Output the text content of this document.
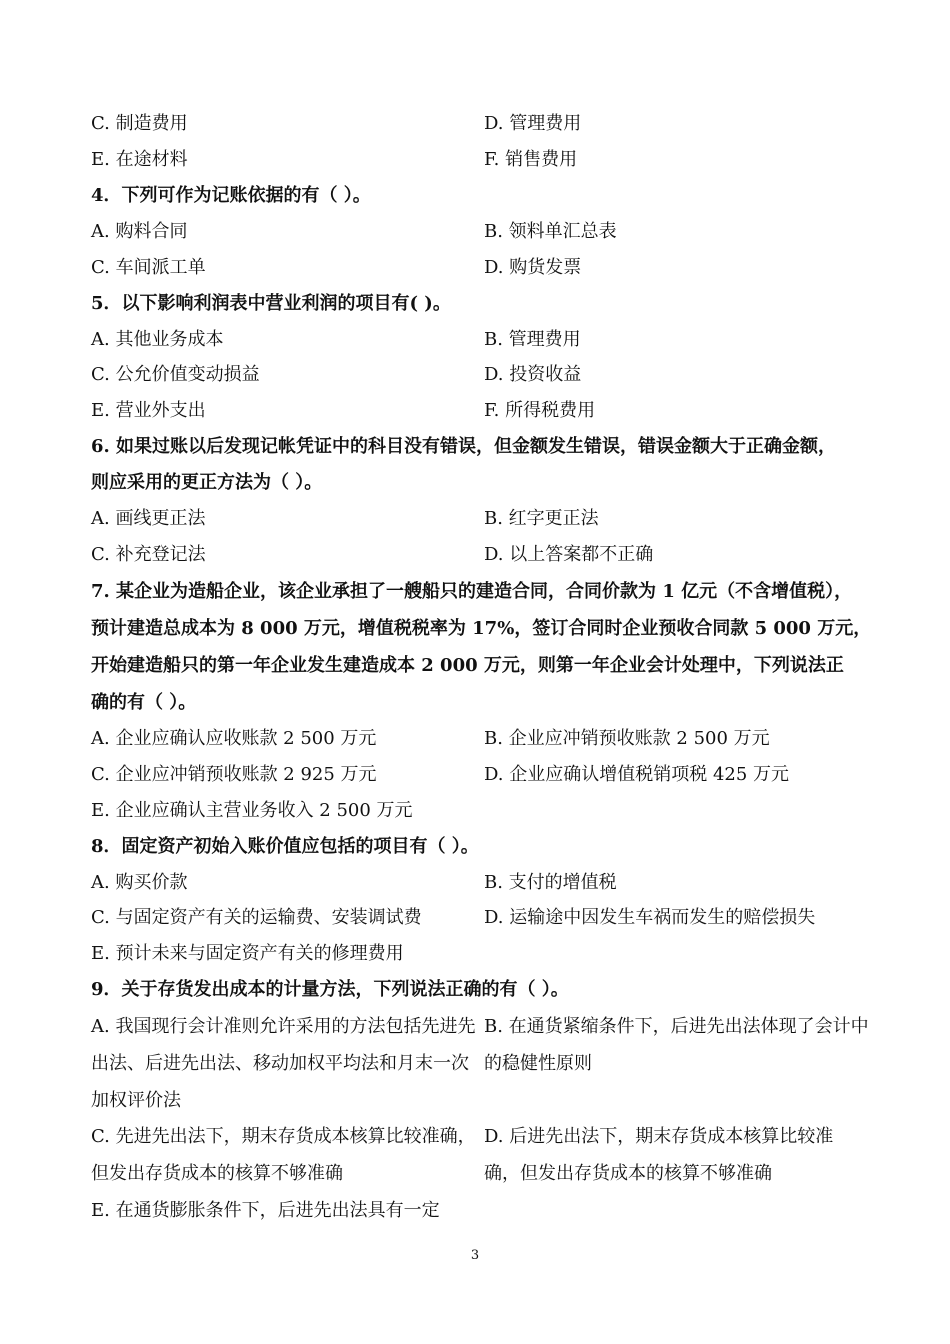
C. 制造费用	D. 管理费用
E. 在途材料	F. 销售费用
4．下列可作为记账依据的有（ ）。
A. 购料合同	B. 领料单汇总表
C. 车间派工单	D. 购货发票
5．以下影响利润表中营业利润的项目有( )。
A. 其他业务成本	B. 管理费用
C. 公允价值变动损益	D. 投资收益
E. 营业外支出	F. 所得税费用
6. 如果过账以后发现记帐凭证中的科目没有错误，但金额发生错误，错误金额大于正确金额，
则应采用的更正方法为（ ）。
A. 画线更正法	B. 红字更正法
C. 补充登记法	D. 以上答案都不正确
7. 某企业为造船企业，该企业承担了一艘船只的建造合同，合同价款为 1 亿元（不含增值税），
预计建造总成本为 8 000 万元，增值税税率为 17%，签订合同时企业预收合同款 5 000 万元，
开始建造船只的第一年企业发生建造成本 2 000 万元，则第一年企业会计处理中，下列说法正
确的有（ ）。
A. 企业应确认应收账款 2 500 万元	B. 企业应冲销预收账款 2 500 万元
C. 企业应冲销预收账款 2 925 万元	D. 企业应确认增值税销项税 425 万元
E. 企业应确认主营业务收入 2 500 万元
8．固定资产初始入账价值应包括的项目有（ ）。
A. 购买价款	B. 支付的增值税
C. 与固定资产有关的运输费、安装调试费	D. 运输途中因发生车祸而发生的赔偿损失
E. 预计未来与固定资产有关的修理费用
9．关于存货发出成本的计量方法，下列说法正确的有（ ）。
A. 我国现行会计准则允许采用的方法包括先进先出法、后进先出法、移动加权平均法和月末一次加权评价法
B. 在通货紧缩条件下，后进先出法体现了会计中的稳健性原则
C. 先进先出法下，期末存货成本核算比较准确，但发出存货成本的核算不够准确
D. 后进先出法下，期末存货成本核算比较准确，但发出存货成本的核算不够准确
E. 在通货膨胀条件下，后进先出法具有一定
3
